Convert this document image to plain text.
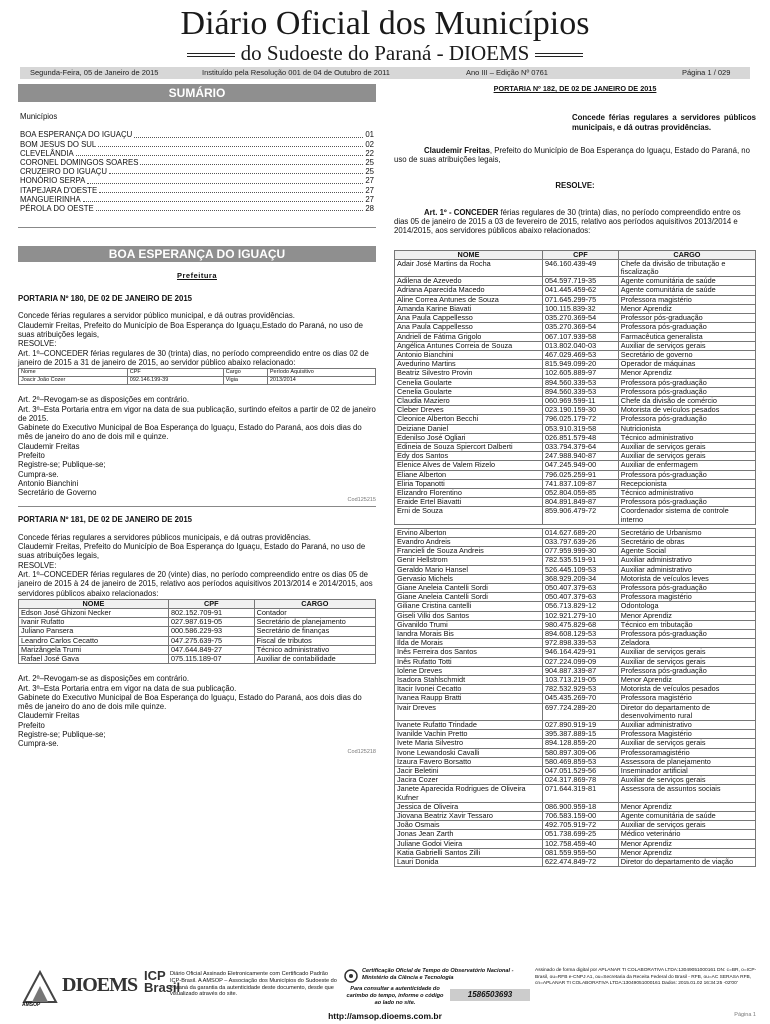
Diário Oficial dos Municípios
do Sudoeste do Paraná - DIOEMS
Segunda-Feira, 05 de Janeiro de 2015	Instituído pela Resolução 001 de 04 de Outubro de 2011	Ano III – Edição Nº 0761	Página 1 / 029
SUMÁRIO
Municípios
BOA ESPERANÇA DO IGUAÇU	01
BOM JESUS DO SUL	02
CLEVELÂNDIA	22
CORONEL DOMINGOS SOARES	25
CRUZEIRO DO IGUAÇU	25
HONÓRIO SERPA	27
ITAPEJARA D'OESTE	27
MANGUEIRINHA	27
PÉROLA DO OESTE	28
BOA ESPERANÇA DO IGUAÇU
Prefeitura
PORTARIA Nº 180, DE 02 DE JANEIRO DE 2015
Concede férias regulares a servidor público municipal, e dá outras providências.
Claudemir Freitas, Prefeito do Município de Boa Esperança do Iguaçu,Estado do Paraná, no uso de suas atribuições legais,
RESOLVE:
Art. 1º–CONCEDER férias regulares de 30 (trinta) dias, no período compreendido entre os dias 02 de janeiro de 2015 a 31 de janeiro de 2015, ao servidor público abaixo relacionado:
Nome	CPF	Cargo	Período Aquisitivo
Joacir João Cozer	092.146.199-39	Vigia	2013/2014
Art. 2º–Revogam-se as disposições em contrário.
Art. 3º–Esta Portaria entra em vigor na data de sua publicação, surtindo efeitos a partir de 02 de janeiro de 2015.
Gabinete do Executivo Municipal de Boa Esperança do Iguaçu, Estado do Paraná, aos dois dias do mês de janeiro do ano de dois mil e quinze.
Claudemir Freitas
Prefeito
Registre-se; Publique-se;
Cumpra-se.
Antonio Bianchini
Secretário de Governo
Cod125215
PORTARIA Nº 181, DE 02 DE JANEIRO DE 2015
Concede férias regulares a servidores públicos municipais, e dá outras providências.
Claudemir Freitas, Prefeito do Município de Boa Esperança do Iguaçu, Estado do Paraná, no uso de suas atribuições legais,
RESOLVE:
Art. 1º–CONCEDER férias regulares de 20 (vinte) dias, no período compreendido entre os dias 05 de janeiro de 2015 à 24 de janeiro de 2015, relativo aos períodos aquisitivos 2013/2014 e 2014/2015, aos servidores públicos abaixo relacionados:
NOME	CPF	CARGO
Edson José Ghizoni Necker	802.152.709-91	Contador
Ivanir Rufatto	027.987.619-05	Secretário de planejamento
Juliano Pansera	000.586.229-93	Secretário de finanças
Leandro Carlos Cecatto	047.275.639-75	Fiscal de tributos
Marizângela Trumi	047.644.849-27	Técnico administrativo
Rafael José Gava	075.115.189-07	Auxiliar de contabilidade
Art. 2º–Revogam-se as disposições em contrário.
Art. 3º–Esta Portaria entra em vigor na data de sua publicação.
Gabinete do Executivo Municipal de Boa Esperança do Iguaçu, Estado do Paraná, aos dois dias do mês de janeiro do ano de dois mile quinze.
Claudemir Freitas
Prefeito
Registre-se; Publique-se;
Cumpra-se.
Cod125218
PORTARIA Nº 182, DE 02 DE JANEIRO DE 2015
Concede férias regulares a servidores públicos municipais, e dá outras providências.
Claudemir Freitas, Prefeito do Município de Boa Esperança do Iguaçu, Estado do Paraná, no uso de suas atribuições legais,
RESOLVE:
Art. 1º - CONCEDER férias regulares de 30 (trinta) dias, no período compreendido entre os dias 05 de janeiro de 2015 a 03 de fevereiro de 2015, relativo aos períodos aquisitivos 2013/2014 e 2014/2015, aos servidores públicos abaixo relacionados:
NOME	CPF	CARGO
Adair José Martins da Rocha	946.160.439-49	Chefe da divisão de tributação e fiscalização
Adilena de Azevedo	054.597.719-35	Agente comunitária de saúde
Adriana Aparecida Macedo	041.445.459-62	Agente comunitária de saúde
Aline Correa Antunes de Souza	071.645.299-75	Professora magistério
Amanda Karine Biavati	100.115.839-32	Menor Aprendiz
Ana Paula Cappellesso	035.270.369-54	Professor pós-graduação
Ana Paula Cappellesso	035.270.369-54	Professora pós-graduação
Andrieli de Fátima Grigolo	067.107.939-58	Farmacêutica generalista
Angélica Antunes Correia de Souza	013.802.040-03	Auxiliar de serviços gerais
Antonio Bianchini	467.029.469-53	Secretário de governo
Avedurino Martins	815.949.099-20	Operador de máquinas
Beatriz Silvestro Provin	102.605.889-97	Menor Aprendiz
Cenelia Goularte	894.560.339-53	Professora pós-graduação
Cenelia Goularte	894.560.339-53	Professora pós-graduação
Claudia Maziero	060.969.599-11	Chefe da divisão de comércio
Cleber Dreves	023.190.159-30	Motorista de veículos pesados
Cleonice Alberton Becchi	796.025.179-72	Professora pós-graduação
Deiziane Daniel	053.910.319-58	Nutricionista
Edenilso José Ogliari	026.851.579-48	Técnico administrativo
Edineia de Souza Spiercort Dalberti	033.794.379-64	Auxiliar de serviços gerais
Edy dos Santos	247.988.940-87	Auxiliar de serviços gerais
Elenice Alves de Valem Rizelo	047.245.949-00	Auxiliar de enfermagem
Eliane Alberton	796.025.259-91	Professora pós-graduação
Eliria Topanotti	741.837.109-87	Recepcionista
Elizandro Florentino	052.804.059-85	Técnico administrativo
Eraide Ertel Biavatti	804.891.849-87	Professora pós-graduação
Erni de Souza	859.906.479-72	Coordenador sistema de controle interno
Ervino Alberton	014.627.689-20	Secretário de Urbanismo
Evandro Andreis	033.797.639-26	Secretário de obras
Francieli de Souza Andreis	077.959.999-30	Agente Social
Genir Hellstrom	782.535.519-91	Auxiliar administrativo
Geraldo Mario Hansel	526.445.109-53	Auxiliar administrativo
Gervasio Michels	368.929.209-34	Motorista de veículos leves
Giane Aneleia Cantelli Sordi	050.407.379-63	Professora pós-graduação
Giane Aneleia Cantelli Sordi	050.407.379-63	Professora magistério
Giliane Cristina cantelli	056.713.829-12	Odontologa
Giseli Vilki dos Santos	102.921.279-10	Menor Aprendiz
Givanildo Trumi	980.475.829-68	Técnico em tributação
Iandra Morais Bis	894.608.129-53	Professora pós-graduação
Ilda de Morais	972.898.339-53	Zeladora
Inês Ferreira dos Santos	946.164.429-91	Auxiliar de serviços gerais
Inês Rufatto Totti	027.224.099-09	Auxiliar de serviços gerais
Iolene Dreves	904.887.339-87	Professora pós-graduação
Isadora Stahlschmidt	103.713.219-05	Menor Aprendiz
Itacir Ivonei Cecatto	782.532.929-53	Motorista de veículos pesados
Ivanea Raupp Bratti	045.435.269-70	Professora magistério
Ivair Dreves	697.724.289-20	Diretor do departamento de desenvolvimento rural
Ivanete Rufatto Trindade	027.890.919-19	Auxiliar administrativo
Ivanilde Vachin Pretto	395.387.889-15	Professora Magistério
Ivete Maria Silvestro	894.128.859-20	Auxiliar de serviços gerais
Ivone Lewandoski Cavalli	580.897.309-06	Professoramagistério
Izaura Favero Borsatto	580.469.859-53	Assessora de planejamento
Jacir Beletini	047.051.529-56	Inseminador artificial
Jacira Cozer	024.317.869-78	Auxiliar de serviços gerais
Janete Aparecida Rodrigues de Oliveira Kufner	071.644.319-81	Assessora de assuntos sociais
Jessica de Oliveira	086.900.959-18	Menor Aprendiz
Jiovana Beatriz Xavir Tessaro	706.583.159-00	Agente comunitária de saúde
João Osmais	492.705.919-72	Auxiliar de serviços gerais
Jonas Jean Zarth	051.738.699-25	Médico veterinário
Juliane Godoi Vieira	102.758.459-40	Menor Aprendiz
Katia Gabrielli Santos Zilli	081.559.959-50	Menor Aprendiz
Lauri Donida	622.474.849-72	Diretor do departamento de viação
AMSOP
DIOEMS ICP Brasil
Diário Oficial Assinado Eletronicamente com Certificado Padrão ICP-Brasil. A AMSOP – Associação dos Municípios do Sudoeste do Paraná da garantia da autenticidade deste documento, desde que visualizado através do site.
Certificação Oficial de Tempo do Observatório Nacional - Ministério da Ciência e Tecnologia
Para consultar a autenticidade do carimbo do tempo, informe o código ao lado no site.
1586503693
Assinado de forma digital por APLANAR TI COLABORATIVA LTDA:13049051000161 DN: c=BR, o=ICP-Brasil, ou=RFB e-CNPJ A1, ou=Secretaria da Receita Federal do Brasil - RFB, ou=AC SERASA RFB, cn=APLANAR TI COLABORATIVA LTDA:13049051000161 Dados: 2015.01.02 16:34:25 -02'00'
http://amsop.dioems.com.br	Página 1
